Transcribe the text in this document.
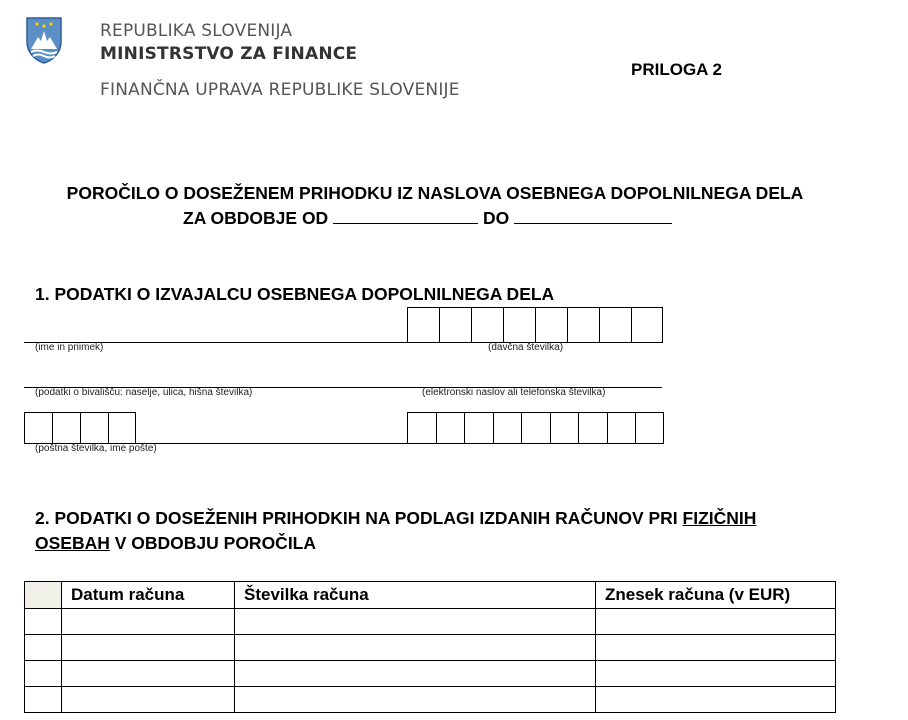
REPUBLIKA SLOVENIJA
MINISTRSTVO ZA FINANCE
FINANČNA UPRAVA REPUBLIKE SLOVENIJE
PRILOGA 2
POROČILO O DOSEŽENEM PRIHODKU IZ NASLOVA OSEBNEGA DOPOLNILNEGA DELA
ZA OBDOBJE OD	DO
1. PODATKI O IZVAJALCU OSEBNEGA DOPOLNILNEGA DELA
(ime in priimek)	(davčna številka)
(podatki o bivališču: naselje, ulica, hišna številka)	(elektronski naslov ali telefonska številka)
(poštna številka, ime pošte)
2. PODATKI O DOSEŽENIH PRIHODKIH NA PODLAGI IZDANIH RAČUNOV PRI FIZIČNIH
OSEBAH V OBDOBJU POROČILA
	Datum računa	Številka računa	Znesek računa (v EUR)
